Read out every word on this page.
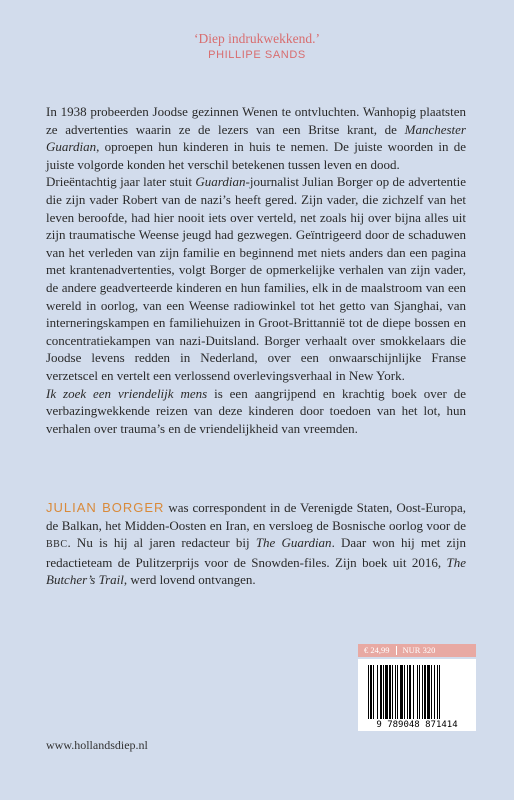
‘Diep indrukwekkend.’
PHILLIPE SANDS

In 1938 probeerden Joodse gezinnen Wenen te ontvluchten. Wanhopig plaatsten ze advertenties waarin ze de lezers van een Britse krant, de Manchester Guardian, oproepen hun kinderen in huis te nemen. De juiste woorden in de juiste volgorde konden het verschil betekenen tussen leven en dood.

Drieëntachtig jaar later stuit Guardian-journalist Julian Borger op de advertentie die zijn vader Robert van de nazi’s heeft gered. Zijn vader, die zichzelf van het leven beroofde, had hier nooit iets over verteld, net zoals hij over bijna alles uit zijn traumatische Weense jeugd had gezwegen. Geïntrigeerd door de schaduwen van het verleden van zijn familie en beginnend met niets anders dan een pagina met krantenadvertenties, volgt Borger de opmerkelijke verhalen van zijn vader, de andere geadverteerde kinderen en hun families, elk in de maalstroom van een wereld in oorlog, van een Weense radiowinkel tot het getto van Sjanghai, van interneringskampen en familiehuizen in Groot-Brittannië tot de diepe bossen en concentratiekampen van nazi-Duitsland. Borger verhaalt over smokkelaars die Joodse levens redden in Nederland, over een onwaarschijnlijke Franse verzetscel en vertelt een verlossend overlevingsverhaal in New York.

Ik zoek een vriendelijk mens is een aangrijpend en krachtig boek over de verbazingwekkende reizen van deze kinderen door toedoen van het lot, hun verhalen over trauma’s en de vriendelijkheid van vreemden.

JULIAN BORGER was correspondent in de Verenigde Staten, Oost-Europa, de Balkan, het Midden-Oosten en Iran, en versloeg de Bosnische oorlog voor de BBC. Nu is hij al jaren redacteur bij The Guardian. Daar won hij met zijn redactieteam de Pulitzerprijs voor de Snowden-files. Zijn boek uit 2016, The Butcher’s Trail, werd lovend ontvangen.
€ 24,99	NUR 320
9 789048 871414
www.hollandsdiep.nl
